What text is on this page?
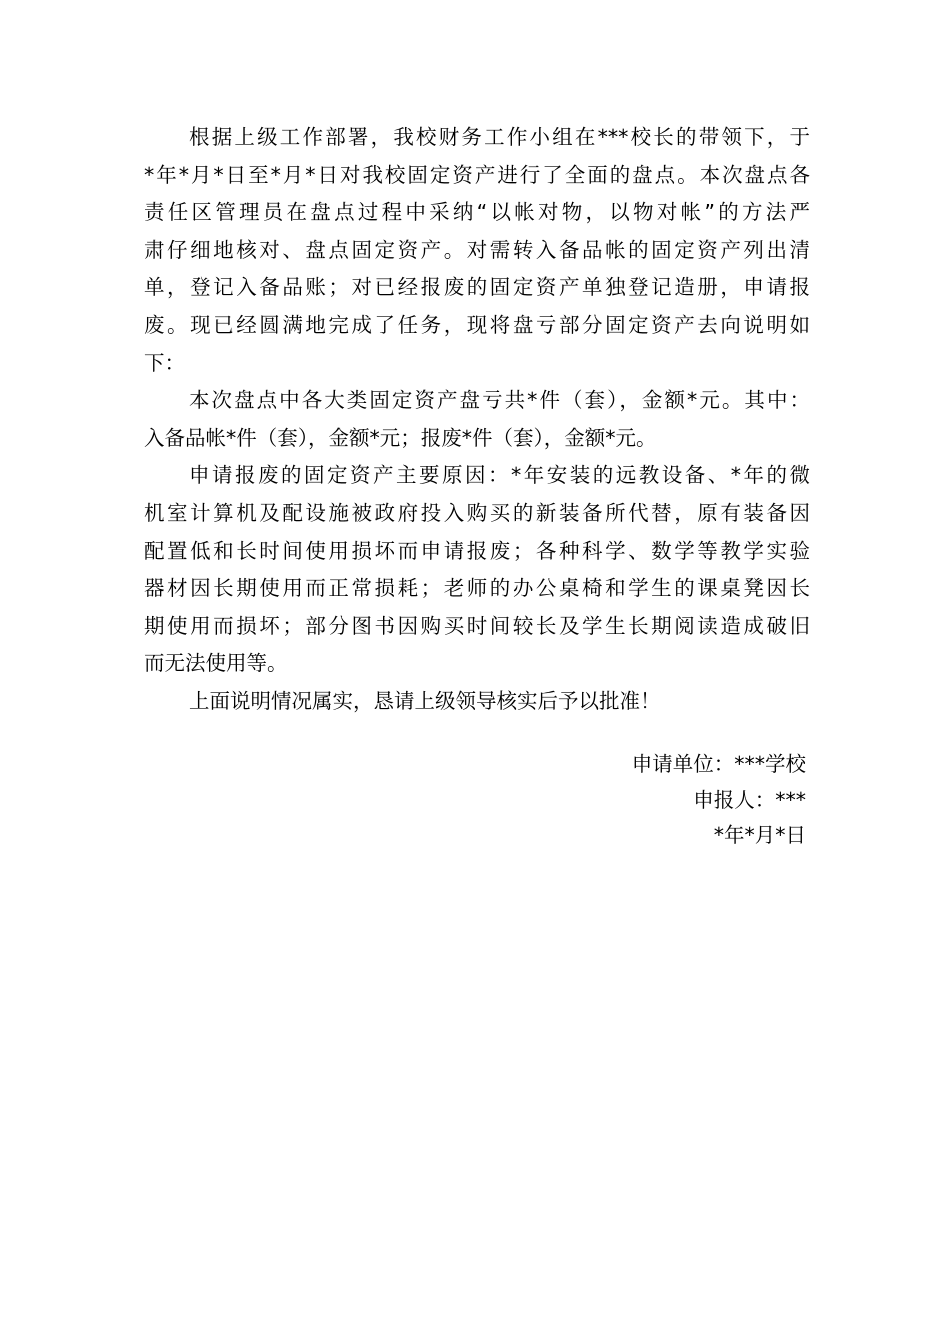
根据上级工作部署，我校财务工作小组在***校长的带领下，于
*年*月*日至*月*日对我校固定资产进行了全面的盘点。本次盘点各
责任区管理员在盘点过程中采纳“以帐对物，以物对帐”的方法严
肃仔细地核对、盘点固定资产。对需转入备品帐的固定资产列出清
单，登记入备品账；对已经报废的固定资产单独登记造册，申请报
废。现已经圆满地完成了任务，现将盘亏部分固定资产去向说明如
下：
本次盘点中各大类固定资产盘亏共*件（套），金额*元。其中：
入备品帐*件（套），金额*元；报废*件（套），金额*元。
申请报废的固定资产主要原因：*年安装的远教设备、*年的微
机室计算机及配设施被政府投入购买的新装备所代替，原有装备因
配置低和长时间使用损坏而申请报废；各种科学、数学等教学实验
器材因长期使用而正常损耗；老师的办公桌椅和学生的课桌凳因长
期使用而损坏；部分图书因购买时间较长及学生长期阅读造成破旧
而无法使用等。
上面说明情况属实，恳请上级领导核实后予以批准！
申请单位：***学校
申报人：***
*年*月*日
